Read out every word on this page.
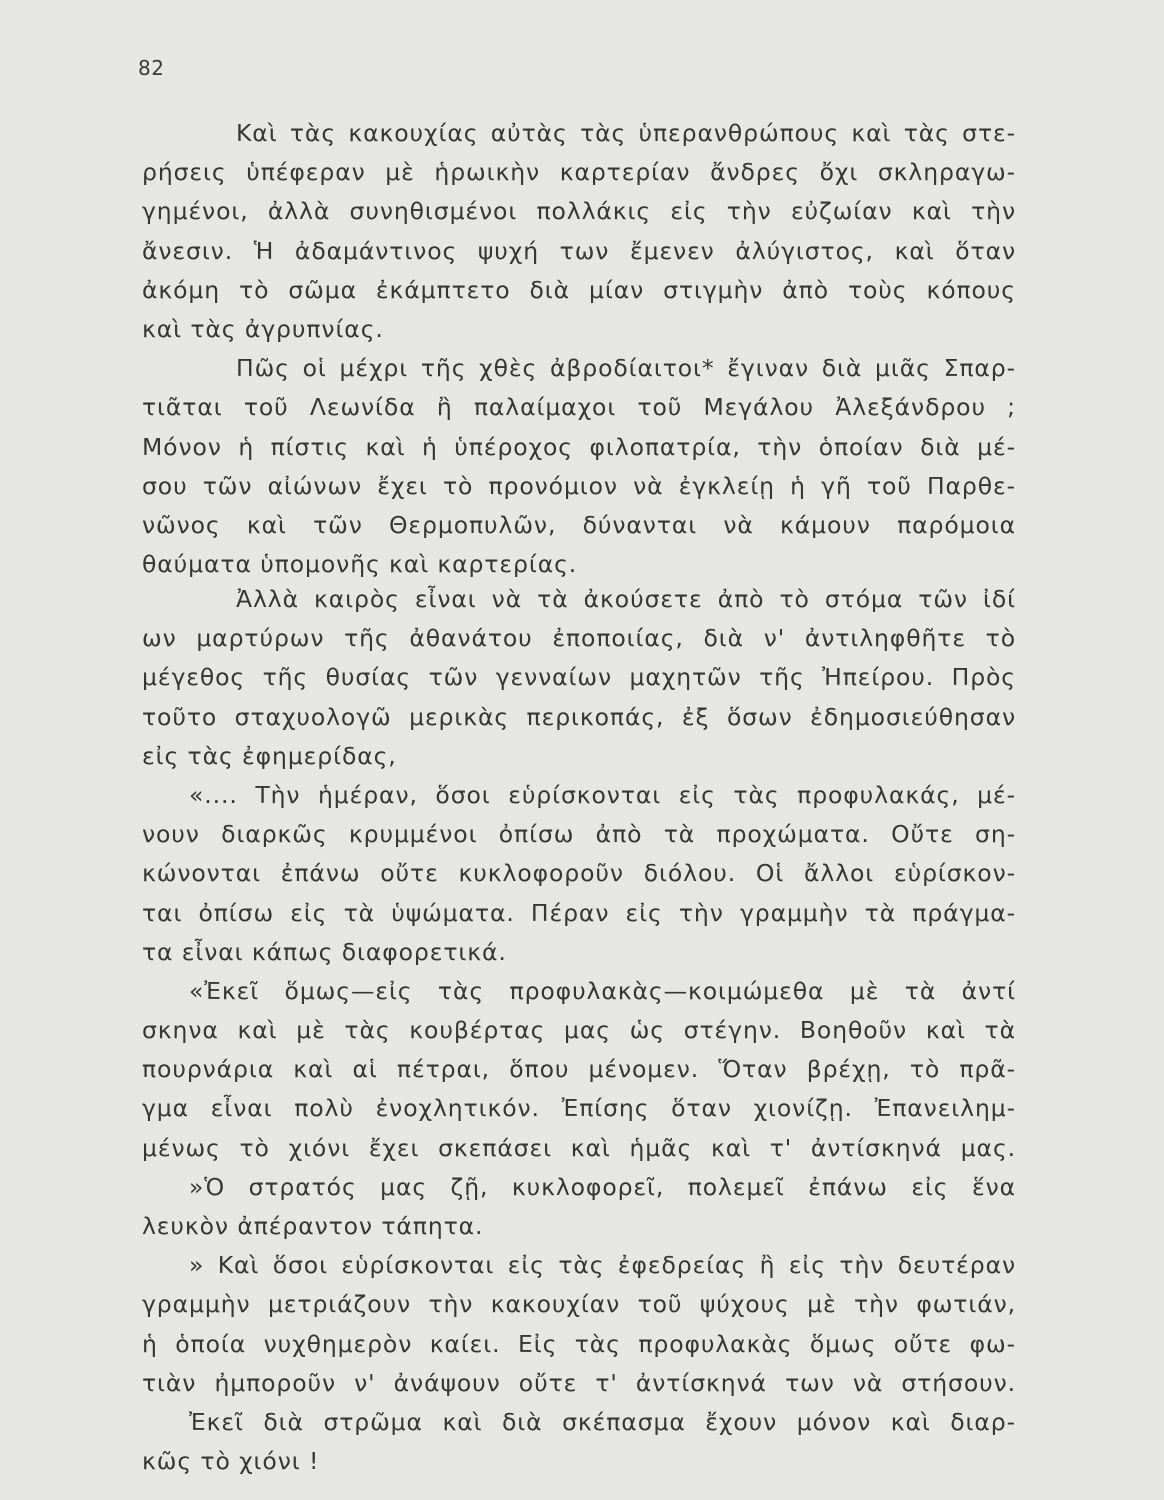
82
Καὶ τὰς κακουχίας αὐτὰς τὰς ὑπερανθρώπους καὶ τὰς στε-
ρήσεις ὑπέφεραν μὲ ἡρωικὴν καρτερίαν ἄνδρες ὄχι σκληραγω-
γημένοι, ἀλλὰ συνηθισμένοι πολλάκις εἰς τὴν εὐζωίαν καὶ τὴν
ἄνεσιν. Ἡ ἀδαμάντινος ψυχή των ἔμενεν ἀλύγιστος, καὶ ὅταν
ἀκόμη τὸ σῶμα ἐκάμπτετο διὰ μίαν στιγμὴν ἀπὸ τοὺς κόπους
καὶ τὰς ἀγρυπνίας.
Πῶς οἱ μέχρι τῆς χθὲς ἀβροδίαιτοι* ἔγιναν διὰ μιᾶς Σπαρ-
τιᾶται τοῦ Λεωνίδα ἢ παλαίμαχοι τοῦ Μεγάλου Ἀλεξάνδρου ;
Μόνον ἡ πίστις καὶ ἡ ὑπέροχος φιλοπατρία, τὴν ὁποίαν διὰ μέ-
σου τῶν αἰώνων ἔχει τὸ προνόμιον νὰ ἐγκλείῃ ἡ γῆ τοῦ Παρθε-
νῶνος καὶ τῶν Θερμοπυλῶν, δύνανται νὰ κάμουν παρόμοια
θαύματα ὑπομονῆς καὶ καρτερίας.
Ἀλλὰ καιρὸς εἶναι νὰ τὰ ἀκούσετε ἀπὸ τὸ στόμα τῶν ἰδί
ων μαρτύρων τῆς ἀθανάτου ἐποποιίας, διὰ ν' ἀντιληφθῆτε τὸ
μέγεθος τῆς θυσίας τῶν γενναίων μαχητῶν τῆς Ἠπείρου. Πρὸς
τοῦτο σταχυολογῶ μερικὰς περικοπάς, ἐξ ὅσων ἐδημοσιεύθησαν
εἰς τὰς ἐφημερίδας,
«.... Τὴν ἡμέραν, ὅσοι εὑρίσκονται εἰς τὰς προφυλακάς, μέ-
νουν διαρκῶς κρυμμένοι ὀπίσω ἀπὸ τὰ προχώματα. Οὔτε ση-
κώνονται ἐπάνω οὔτε κυκλοφοροῦν διόλου. Οἱ ἄλλοι εὑρίσκον-
ται ὀπίσω εἰς τὰ ὑψώματα. Πέραν εἰς τὴν γραμμὴν τὰ πράγμα-
τα εἶναι κάπως διαφορετικά.
«Ἐκεῖ ὅμως—εἰς τὰς προφυλακὰς—κοιμώμεθα μὲ τὰ ἀντί
σκηνα καὶ μὲ τὰς κουβέρτας μας ὡς στέγην. Βοηθοῦν καὶ τὰ
πουρνάρια καὶ αἱ πέτραι, ὅπου μένομεν. Ὅταν βρέχῃ, τὸ πρᾶ-
γμα εἶναι πολὺ ἐνοχλητικόν. Ἐπίσης ὅταν χιονίζῃ. Ἐπανειλημ-
μένως τὸ χιόνι ἔχει σκεπάσει καὶ ἡμᾶς καὶ τ' ἀντίσκηνά μας.
»Ὁ στρατός μας ζῇ, κυκλοφορεῖ, πολεμεῖ ἐπάνω εἰς ἕνα
λευκὸν ἀπέραντον τάπητα.
» Καὶ ὅσοι εὑρίσκονται εἰς τὰς ἐφεδρείας ἢ εἰς τὴν δευτέραν
γραμμὴν μετριάζουν τὴν κακουχίαν τοῦ ψύχους μὲ τὴν φωτιάν,
ἡ ὁποία νυχθημερὸν καίει. Εἰς τὰς προφυλακὰς ὅμως οὔτε φω-
τιὰν ἠμποροῦν ν' ἀνάψουν οὔτε τ' ἀντίσκηνά των νὰ στήσουν.
Ἐκεῖ διὰ στρῶμα καὶ διὰ σκέπασμα ἔχουν μόνον καὶ διαρ-
κῶς τὸ χιόνι !
